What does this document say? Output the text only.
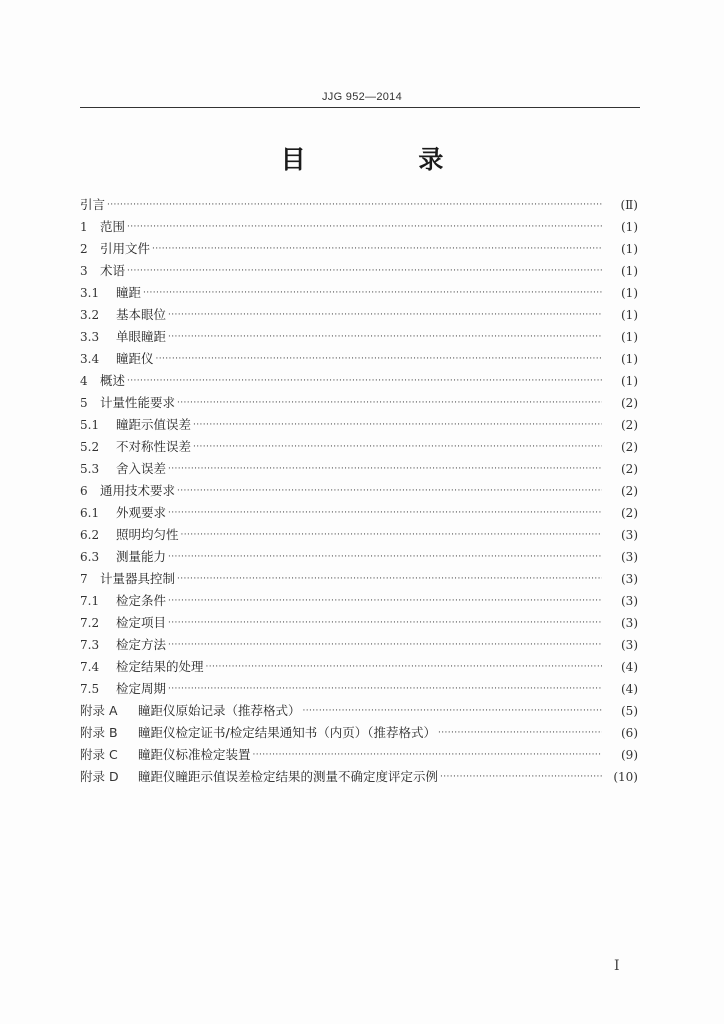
JJG 952—2014
目 录
引言 ·····	(Ⅱ)
1 范围 ·····	(1)
2 引用文件 ·····	(1)
3 术语 ·····	(1)
3.1	瞳距 ·····	(1)
3.2	基本眼位 ·····	(1)
3.3	单眼瞳距 ·····	(1)
3.4	瞳距仪 ·····	(1)
4 概述 ·····	(1)
5 计量性能要求 ·····	(2)
5.1	瞳距示值误差 ·····	(2)
5.2	不对称性误差 ·····	(2)
5.3	舍入误差 ·····	(2)
6 通用技术要求 ·····	(2)
6.1	外观要求 ·····	(2)
6.2	照明均匀性 ·····	(3)
6.3	测量能力 ·····	(3)
7 计量器具控制 ·····	(3)
7.1	检定条件 ·····	(3)
7.2	检定项目 ·····	(3)
7.3	检定方法 ·····	(3)
7.4	检定结果的处理 ·····	(4)
7.5	检定周期 ·····	(4)
附录 A	瞳距仪原始记录（推荐格式） ·····	(5)
附录 B	瞳距仪检定证书/检定结果通知书（内页）（推荐格式） ·····	(6)
附录 C	瞳距仪标准检定装置 ·····	(9)
附录 D	瞳距仪瞳距示值误差检定结果的测量不确定度评定示例 ·····	(10)
I
